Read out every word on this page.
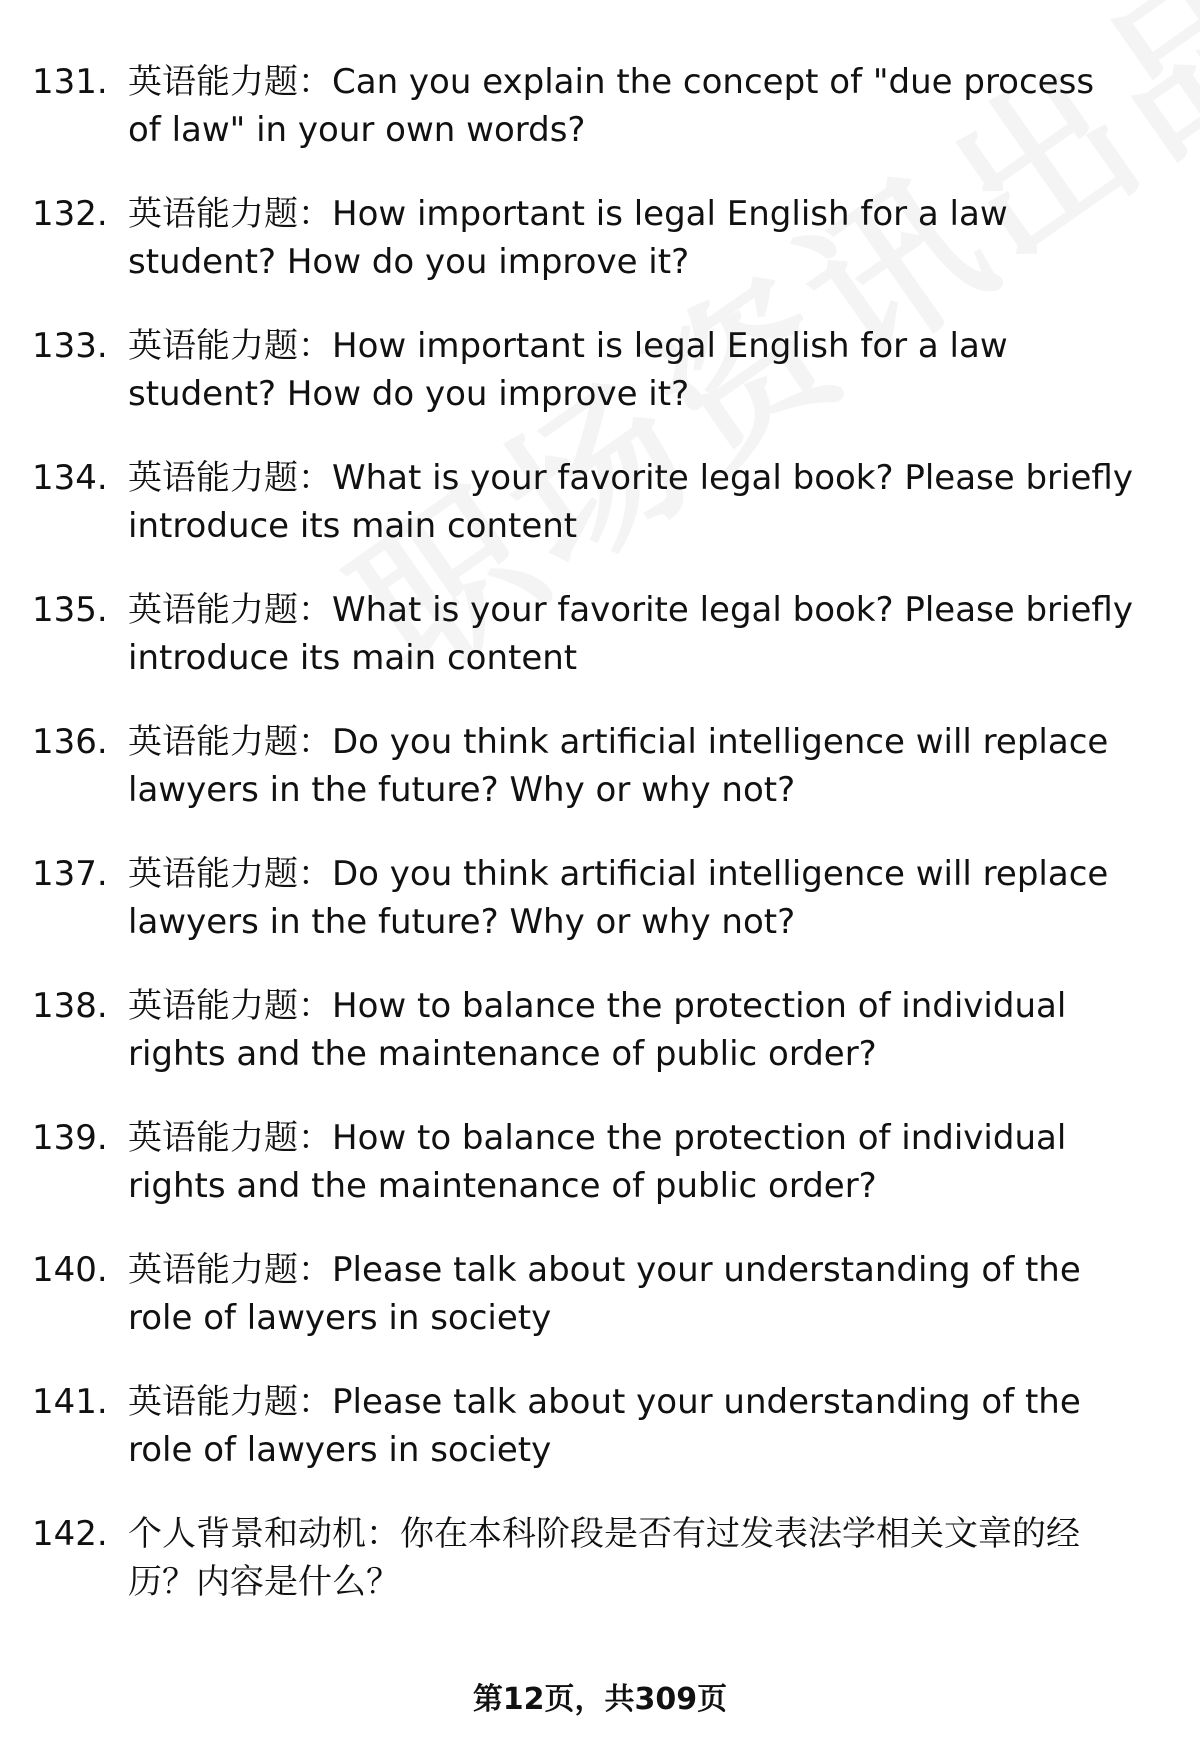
131. 英语能力题：Can you explain the concept of "due process
of law" in your own words?
132. 英语能力题：How important is legal English for a law
student? How do you improve it?
133. 英语能力题：How important is legal English for a law
student? How do you improve it?
134. 英语能力题：What is your favorite legal book? Please briefly
introduce its main content
135. 英语能力题：What is your favorite legal book? Please briefly
introduce its main content
136. 英语能力题：Do you think artificial intelligence will replace
lawyers in the future? Why or why not?
137. 英语能力题：Do you think artificial intelligence will replace
lawyers in the future? Why or why not?
138. 英语能力题：How to balance the protection of individual
rights and the maintenance of public order?
139. 英语能力题：How to balance the protection of individual
rights and the maintenance of public order?
140. 英语能力题：Please talk about your understanding of the
role of lawyers in society
141. 英语能力题：Please talk about your understanding of the
role of lawyers in society
142. 个人背景和动机：你在本科阶段是否有过发表法学相关文章的经
历？内容是什么？
第12页，共309页
